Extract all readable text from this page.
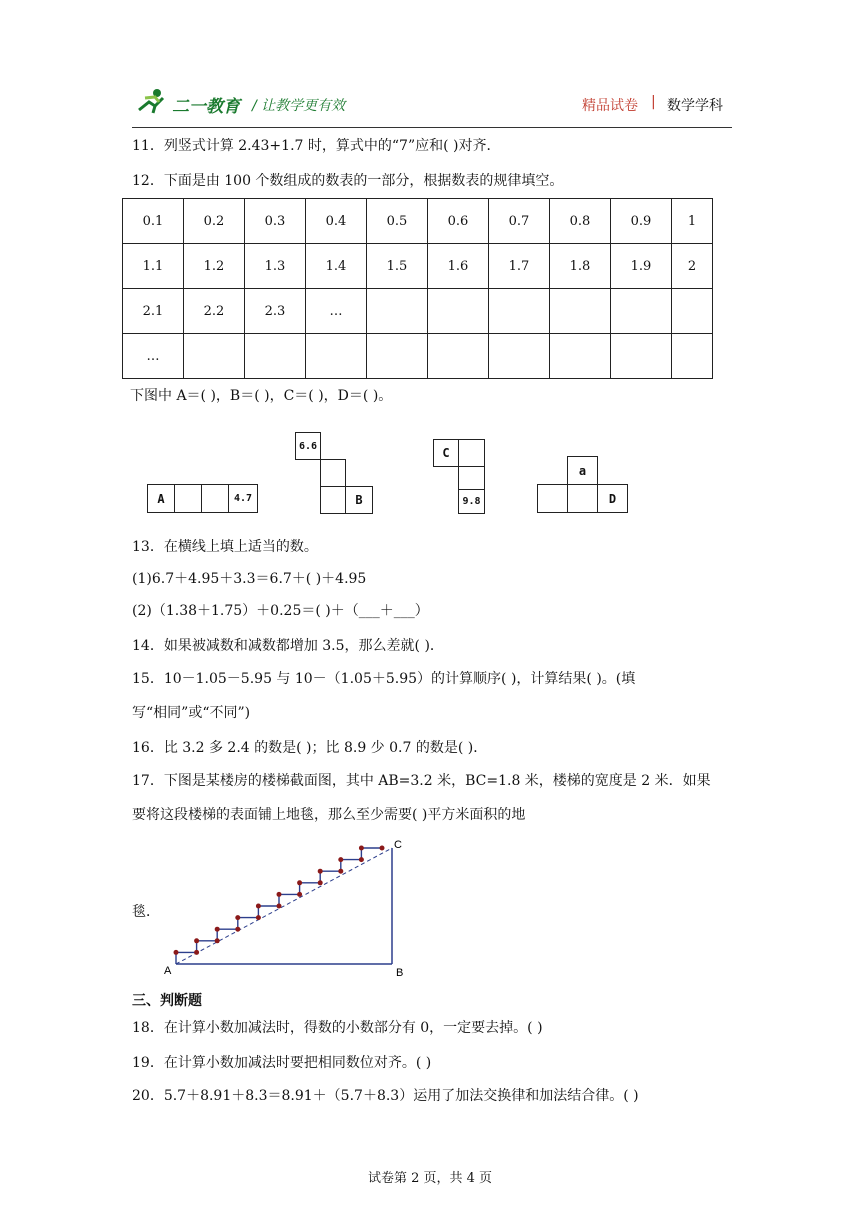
二一教育 / 让教学更有效	精品试卷 | 数学学科
11．列竖式计算 2.43+1.7 时，算式中的“7”应和( )对齐．
12．下面是由 100 个数组成的数表的一部分，根据数表的规律填空。
0.1	0.2	0.3	0.4	0.5	0.6	0.7	0.8	0.9	1
1.1	1.2	1.3	1.4	1.5	1.6	1.7	1.8	1.9	2
2.1	2.2	2.3	…						
…									
下图中 A＝( )，B＝( )，C＝( )，D＝( )。
A	4.7
6.6
B
C
9.8
a
D
13．在横线上填上适当的数。
(1)6.7＋4.95＋3.3＝6.7＋( )＋4.95
(2)（1.38＋1.75）＋0.25＝( )＋（___＋___）
14．如果被减数和减数都增加 3.5，那么差就( )．
15．10－1.05－5.95 与 10－（1.05＋5.95）的计算顺序( )，计算结果( )。(填
写“相同”或“不同”)
16．比 3.2 多 2.4 的数是( )；比 8.9 少 0.7 的数是( )．
17．下图是某楼房的楼梯截面图，其中 AB=3.2 米，BC=1.8 米，楼梯的宽度是 2 米．如果
要将这段楼梯的表面铺上地毯，那么至少需要( )平方米面积的地
毯．
A	B
C
三、判断题
18．在计算小数加减法时，得数的小数部分有 0，一定要去掉。( )
19．在计算小数加减法时要把相同数位对齐。( )
20．5.7＋8.91＋8.3＝8.91＋（5.7＋8.3）运用了加法交换律和加法结合律。( )
试卷第 2 页，共 4 页
